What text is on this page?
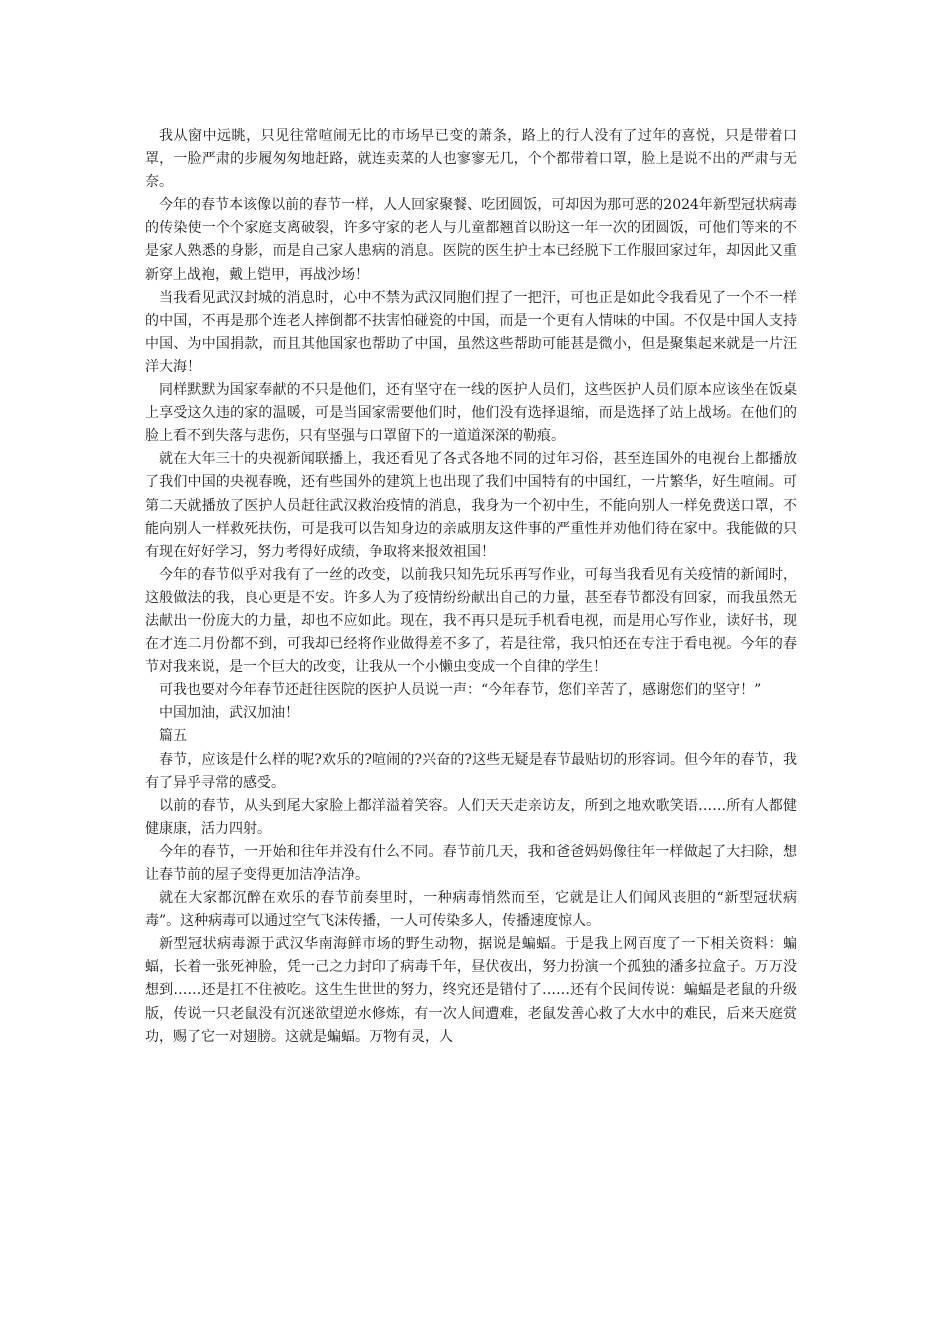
我从窗中远眺，只见往常喧闹无比的市场早已变的萧条，路上的行人没有了过年的喜悦，只是带着口罩，一脸严肃的步履匆匆地赶路，就连卖菜的人也寥寥无几，个个都带着口罩，脸上是说不出的严肃与无奈。

今年的春节本该像以前的春节一样，人人回家聚餐、吃团圆饭，可却因为那可恶的2024年新型冠状病毒的传染使一个个家庭支离破裂，许多守家的老人与儿童都翘首以盼这一年一次的团圆饭，可他们等来的不是家人熟悉的身影，而是自己家人患病的消息。医院的医生护士本已经脱下工作服回家过年，却因此又重新穿上战袍，戴上铠甲，再战沙场！

当我看见武汉封城的消息时，心中不禁为武汉同胞们捏了一把汗，可也正是如此令我看见了一个不一样的中国，不再是那个连老人摔倒都不扶害怕碰瓷的中国，而是一个更有人情味的中国。不仅是中国人支持中国、为中国捐款，而且其他国家也帮助了中国，虽然这些帮助可能甚是微小，但是聚集起来就是一片汪洋大海！

同样默默为国家奉献的不只是他们，还有坚守在一线的医护人员们，这些医护人员们原本应该坐在饭桌上享受这久违的家的温暖，可是当国家需要他们时，他们没有选择退缩，而是选择了站上战场。在他们的脸上看不到失落与悲伤，只有坚强与口罩留下的一道道深深的勒痕。

就在大年三十的央视新闻联播上，我还看见了各式各地不同的过年习俗，甚至连国外的电视台上都播放了我们中国的央视春晚，还有些国外的建筑上也出现了我们中国特有的中国红，一片繁华，好生喧闹。可第二天就播放了医护人员赶往武汉救治疫情的消息，我身为一个初中生，不能向别人一样免费送口罩，不能向别人一样救死扶伤，可是我可以告知身边的亲戚朋友这件事的严重性并劝他们待在家中。我能做的只有现在好好学习，努力考得好成绩，争取将来报效祖国！

今年的春节似乎对我有了一丝的改变，以前我只知先玩乐再写作业，可每当我看见有关疫情的新闻时，这般做法的我，良心更是不安。许多人为了疫情纷纷献出自己的力量，甚至春节都没有回家，而我虽然无法献出一份庞大的力量，却也不应如此。现在，我不再只是玩手机看电视，而是用心写作业，读好书，现在才连二月份都不到，可我却已经将作业做得差不多了，若是往常，我只怕还在专注于看电视。今年的春节对我来说，是一个巨大的改变，让我从一个小懒虫变成一个自律的学生！

可我也要对今年春节还赶往医院的医护人员说一声：“今年春节，您们辛苦了，感谢您们的坚守！”

中国加油，武汉加油！

篇五

春节，应该是什么样的呢?欢乐的?喧闹的?兴奋的?这些无疑是春节最贴切的形容词。但今年的春节，我有了异乎寻常的感受。

以前的春节，从头到尾大家脸上都洋溢着笑容。人们天天走亲访友，所到之地欢歌笑语……所有人都健健康康，活力四射。

今年的春节，一开始和往年并没有什么不同。春节前几天，我和爸爸妈妈像往年一样做起了大扫除，想让春节前的屋子变得更加洁净洁净。

就在大家都沉醉在欢乐的春节前奏里时，一种病毒悄然而至，它就是让人们闻风丧胆的“新型冠状病毒”。这种病毒可以通过空气飞沫传播，一人可传染多人，传播速度惊人。

新型冠状病毒源于武汉华南海鲜市场的野生动物，据说是蝙蝠。于是我上网百度了一下相关资料：蝙蝠，长着一张死神脸，凭一己之力封印了病毒千年，昼伏夜出，努力扮演一个孤独的潘多拉盒子。万万没想到……还是扛不住被吃。这生生世世的努力，终究还是错付了……还有个民间传说：蝙蝠是老鼠的升级版，传说一只老鼠没有沉迷欲望逆水修炼，有一次人间遭难，老鼠发善心救了大水中的难民，后来天庭赏功，赐了它一对翅膀。这就是蝙蝠。万物有灵，人
